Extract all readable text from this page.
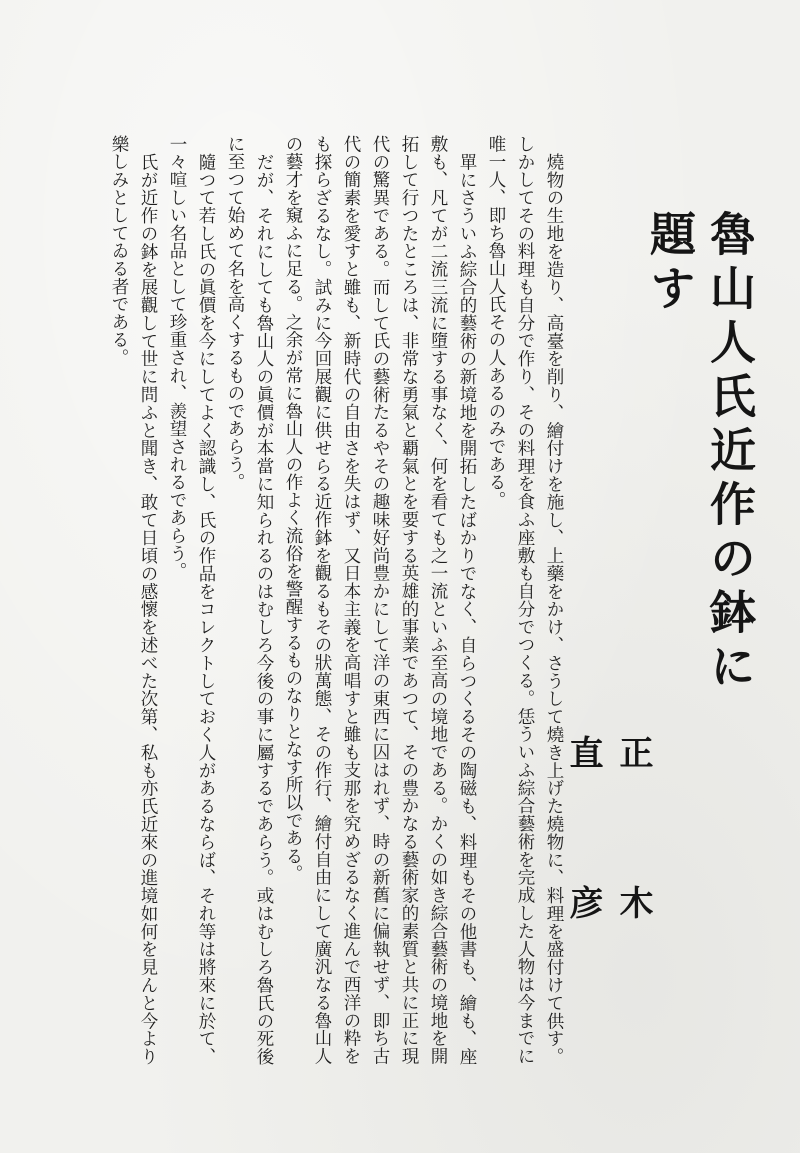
魯山人氏近作の鉢に題す
正 木 直 彦

燒物の生地を造り、高臺を削り、繪付けを施し、上藥をかけ、さうして燒き上げた燒物に、料理を盛付けて供す。しかしてその料理も自分で作り、その料理を食ふ座敷も自分でつくる。恁ういふ綜合藝術を完成した人物は今までに唯一人、即ち魯山人氏その人あるのみである。

單にさういふ綜合的藝術の新境地を開拓したばかりでなく、自らつくるその陶磁も、料理もその他書も、繪も、座敷も、凡てが二流三流に墮する事なく、何を看ても之一流といふ至高の境地である。かくの如き綜合藝術の境地を開拓して行つたところは、非常な勇氣と覇氣とを要する英雄的事業であつて、その豊かなる藝術家的素質と共に正に現代の驚異である。而して氏の藝術たるやその趣味好尚豊かにして洋の東西に囚はれず、時の新舊に偏執せず、即ち古代の簡素を愛すと雖も、新時代の自由さを失はず、又日本主義を高唱すと雖も支那を究めざるなく進んで西洋の粋をも探らざるなし。試みに今回展觀に供せらる近作鉢を觀るもその狀萬態、その作行、繪付自由にして廣汎なる魯山人の藝才を窺ふに足る。之余が常に魯山人の作よく流俗を警醒するものなりとなす所以である。

だが、それにしても魯山人の眞價が本當に知られるのはむしろ今後の事に屬するであらう。或はむしろ魯氏の死後に至つて始めて名を高くするものであらう。

隨つて若し氏の眞價を今にしてよく認識し、氏の作品をコレクトしておく人があるならば、それ等は將來に於て、一々喧しい名品として珍重され、羨望されるであらう。

氏が近作の鉢を展觀して世に問ふと聞き、敢て日頃の感懷を述べた次第、私も亦氏近來の進境如何を見んと今より樂しみとしてゐる者である。
